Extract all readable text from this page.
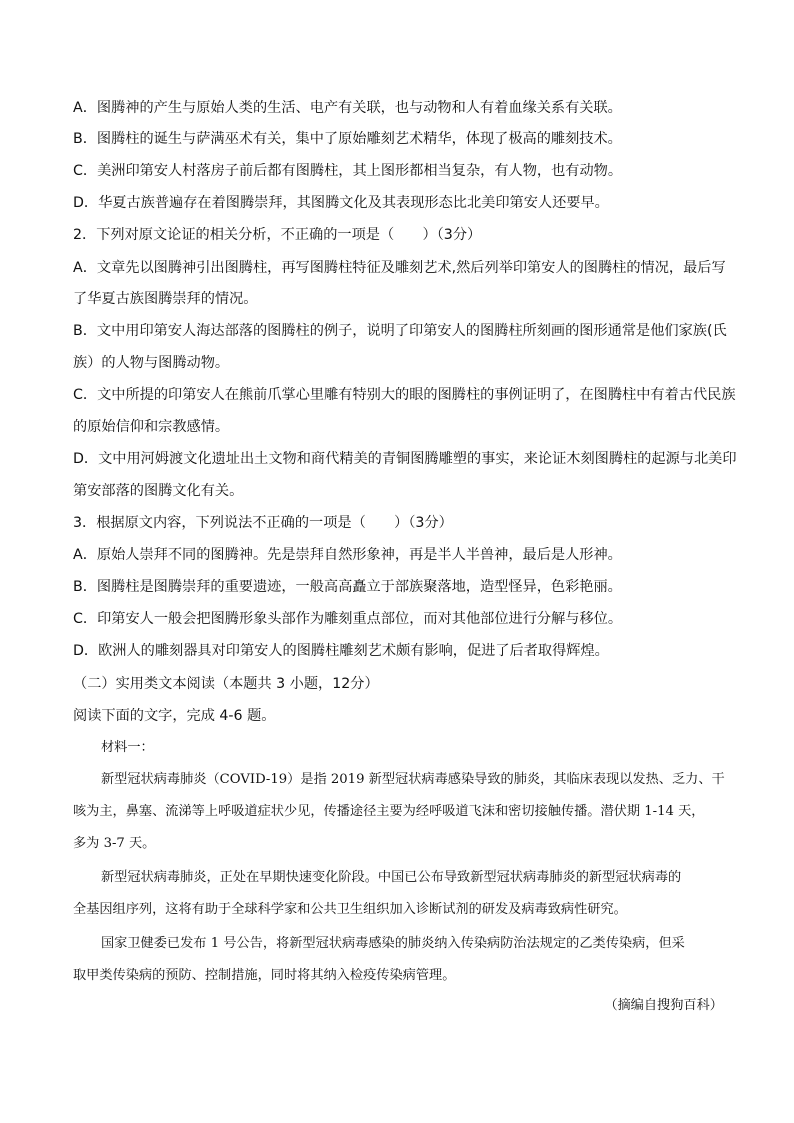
A．图腾神的产生与原始人类的生活、电产有关联，也与动物和人有着血缘关系有关联。

B．图腾柱的诞生与萨满巫术有关，集中了原始雕刻艺术精华，体现了极高的雕刻技术。

C．美洲印第安人村落房子前后都有图腾柱，其上图形都相当复杂，有人物，也有动物。

D．华夏古族普遍存在着图腾崇拜，其图腾文化及其表现形态比北美印第安人还要早。

2．下列对原文论证的相关分析，不正确的一项是（　　）（3分）

A．文章先以图腾神引出图腾柱，再写图腾柱特征及雕刻艺术,然后列举印第安人的图腾柱的情况，最后写

了华夏古族图腾崇拜的情况。

B．文中用印第安人海达部落的图腾柱的例子，说明了印第安人的图腾柱所刻画的图形通常是他们家族(氏

族）的人物与图腾动物。

C．文中所提的印第安人在熊前爪掌心里雕有特别大的眼的图腾柱的事例证明了，在图腾柱中有着古代民族

的原始信仰和宗教感情。

D．文中用河姆渡文化遗址出土文物和商代精美的青铜图腾雕塑的事实，来论证木刻图腾柱的起源与北美印

第安部落的图腾文化有关。

3．根据原文内容，下列说法不正确的一项是（　　）（3分）

A．原始人崇拜不同的图腾神。先是崇拜自然形象神，再是半人半兽神，最后是人形神。

B．图腾柱是图腾崇拜的重要遗迹，一般高高矗立于部族聚落地，造型怪异，色彩艳丽。

C．印第安人一般会把图腾形象头部作为雕刻重点部位，而对其他部位进行分解与移位。

D．欧洲人的雕刻器具对印第安人的图腾柱雕刻艺术颇有影响，促进了后者取得辉煌。

（二）实用类文本阅读（本题共 3 小题，12分）

阅读下面的文字，完成 4-6 题。

材料一：

新型冠状病毒肺炎（COVID-19）是指 2019 新型冠状病毒感染导致的肺炎，其临床表现以发热、乏力、干

咳为主，鼻塞、流涕等上呼吸道症状少见，传播途径主要为经呼吸道飞沫和密切接触传播。潜伏期 1-14 天，

多为 3-7 天。

新型冠状病毒肺炎，正处在早期快速变化阶段。中国已公布导致新型冠状病毒肺炎的新型冠状病毒的

全基因组序列，这将有助于全球科学家和公共卫生组织加入诊断试剂的研发及病毒致病性研究。

国家卫健委已发布 1 号公告，将新型冠状病毒感染的肺炎纳入传染病防治法规定的乙类传染病，但采

取甲类传染病的预防、控制措施，同时将其纳入检疫传染病管理。

（摘编自搜狗百科）
